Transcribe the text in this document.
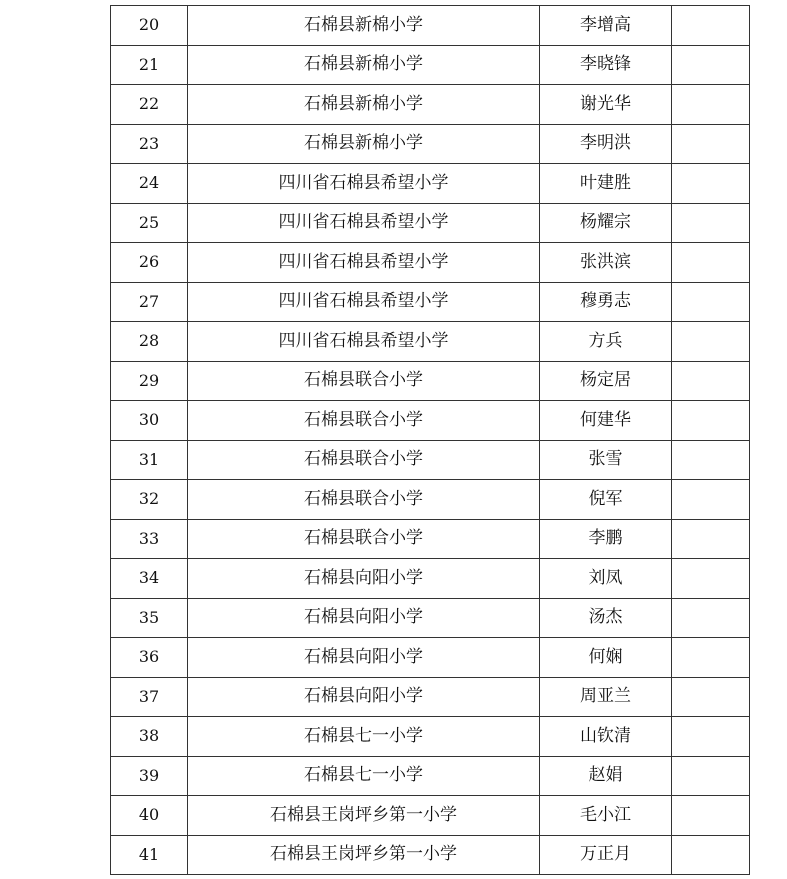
20	石棉县新棉小学	李增高	
21	石棉县新棉小学	李晓锋	
22	石棉县新棉小学	谢光华	
23	石棉县新棉小学	李明洪	
24	四川省石棉县希望小学	叶建胜	
25	四川省石棉县希望小学	杨耀宗	
26	四川省石棉县希望小学	张洪滨	
27	四川省石棉县希望小学	穆勇志	
28	四川省石棉县希望小学	方兵	
29	石棉县联合小学	杨定居	
30	石棉县联合小学	何建华	
31	石棉县联合小学	张雪	
32	石棉县联合小学	倪军	
33	石棉县联合小学	李鹏	
34	石棉县向阳小学	刘凤	
35	石棉县向阳小学	汤杰	
36	石棉县向阳小学	何娴	
37	石棉县向阳小学	周亚兰	
38	石棉县七一小学	山钦清	
39	石棉县七一小学	赵娟	
40	石棉县王岗坪乡第一小学	毛小江	
41	石棉县王岗坪乡第一小学	万正月	
